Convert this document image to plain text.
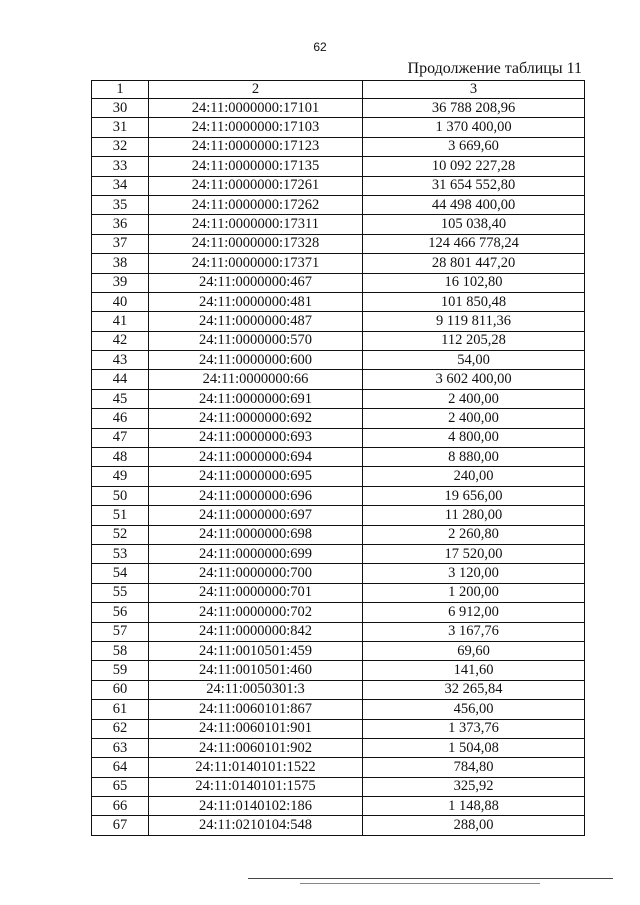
62
Продолжение таблицы 11
1	2	3
30	24:11:0000000:17101	36 788 208,96
31	24:11:0000000:17103	1 370 400,00
32	24:11:0000000:17123	3 669,60
33	24:11:0000000:17135	10 092 227,28
34	24:11:0000000:17261	31 654 552,80
35	24:11:0000000:17262	44 498 400,00
36	24:11:0000000:17311	105 038,40
37	24:11:0000000:17328	124 466 778,24
38	24:11:0000000:17371	28 801 447,20
39	24:11:0000000:467	16 102,80
40	24:11:0000000:481	101 850,48
41	24:11:0000000:487	9 119 811,36
42	24:11:0000000:570	112 205,28
43	24:11:0000000:600	54,00
44	24:11:0000000:66	3 602 400,00
45	24:11:0000000:691	2 400,00
46	24:11:0000000:692	2 400,00
47	24:11:0000000:693	4 800,00
48	24:11:0000000:694	8 880,00
49	24:11:0000000:695	240,00
50	24:11:0000000:696	19 656,00
51	24:11:0000000:697	11 280,00
52	24:11:0000000:698	2 260,80
53	24:11:0000000:699	17 520,00
54	24:11:0000000:700	3 120,00
55	24:11:0000000:701	1 200,00
56	24:11:0000000:702	6 912,00
57	24:11:0000000:842	3 167,76
58	24:11:0010501:459	69,60
59	24:11:0010501:460	141,60
60	24:11:0050301:3	32 265,84
61	24:11:0060101:867	456,00
62	24:11:0060101:901	1 373,76
63	24:11:0060101:902	1 504,08
64	24:11:0140101:1522	784,80
65	24:11:0140101:1575	325,92
66	24:11:0140102:186	1 148,88
67	24:11:0210104:548	288,00
